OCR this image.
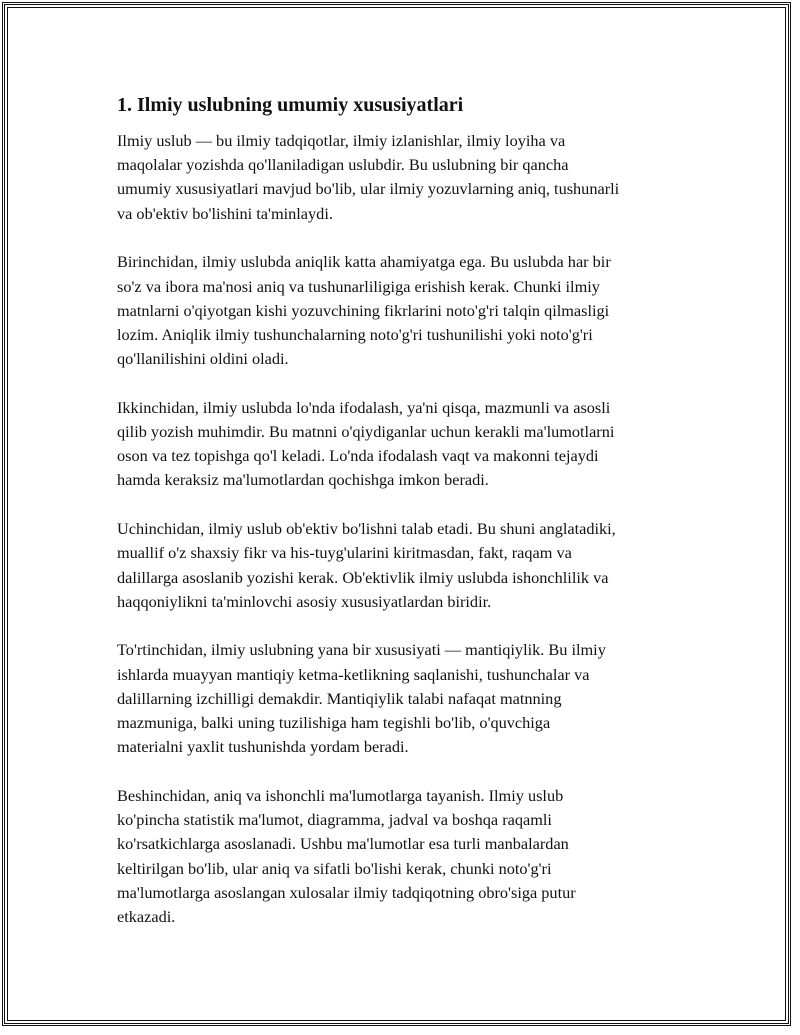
1. Ilmiy uslubning umumiy xususiyatlari

Ilmiy uslub — bu ilmiy tadqiqotlar, ilmiy izlanishlar, ilmiy loyiha va
maqolalar yozishda qo'llaniladigan uslubdir. Bu uslubning bir qancha
umumiy xususiyatlari mavjud bo'lib, ular ilmiy yozuvlarning aniq, tushunarli
va ob'ektiv bo'lishini ta'minlaydi.

Birinchidan, ilmiy uslubda aniqlik katta ahamiyatga ega. Bu uslubda har bir
so'z va ibora ma'nosi aniq va tushunarliligiga erishish kerak. Chunki ilmiy
matnlarni o'qiyotgan kishi yozuvchining fikrlarini noto'g'ri talqin qilmasligi
lozim. Aniqlik ilmiy tushunchalarning noto'g'ri tushunilishi yoki noto'g'ri
qo'llanilishini oldini oladi.

Ikkinchidan, ilmiy uslubda lo'nda ifodalash, ya'ni qisqa, mazmunli va asosli
qilib yozish muhimdir. Bu matnni o'qiydiganlar uchun kerakli ma'lumotlarni
oson va tez topishga qo'l keladi. Lo'nda ifodalash vaqt va makonni tejaydi
hamda keraksiz ma'lumotlardan qochishga imkon beradi.

Uchinchidan, ilmiy uslub ob'ektiv bo'lishni talab etadi. Bu shuni anglatadiki,
muallif o'z shaxsiy fikr va his-tuyg'ularini kiritmasdan, fakt, raqam va
dalillarga asoslanib yozishi kerak. Ob'ektivlik ilmiy uslubda ishonchlilik va
haqqoniylikni ta'minlovchi asosiy xususiyatlardan biridir.

To'rtinchidan, ilmiy uslubning yana bir xususiyati — mantiqiylik. Bu ilmiy
ishlarda muayyan mantiqiy ketma-ketlikning saqlanishi, tushunchalar va
dalillarning izchilligi demakdir. Mantiqiylik talabi nafaqat matnning
mazmuniga, balki uning tuzilishiga ham tegishli bo'lib, o'quvchiga
materialni yaxlit tushunishda yordam beradi.

Beshinchidan, aniq va ishonchli ma'lumotlarga tayanish. Ilmiy uslub
ko'pincha statistik ma'lumot, diagramma, jadval va boshqa raqamli
ko'rsatkichlarga asoslanadi. Ushbu ma'lumotlar esa turli manbalardan
keltirilgan bo'lib, ular aniq va sifatli bo'lishi kerak, chunki noto'g'ri
ma'lumotlarga asoslangan xulosalar ilmiy tadqiqotning obro'siga putur
etkazadi.
